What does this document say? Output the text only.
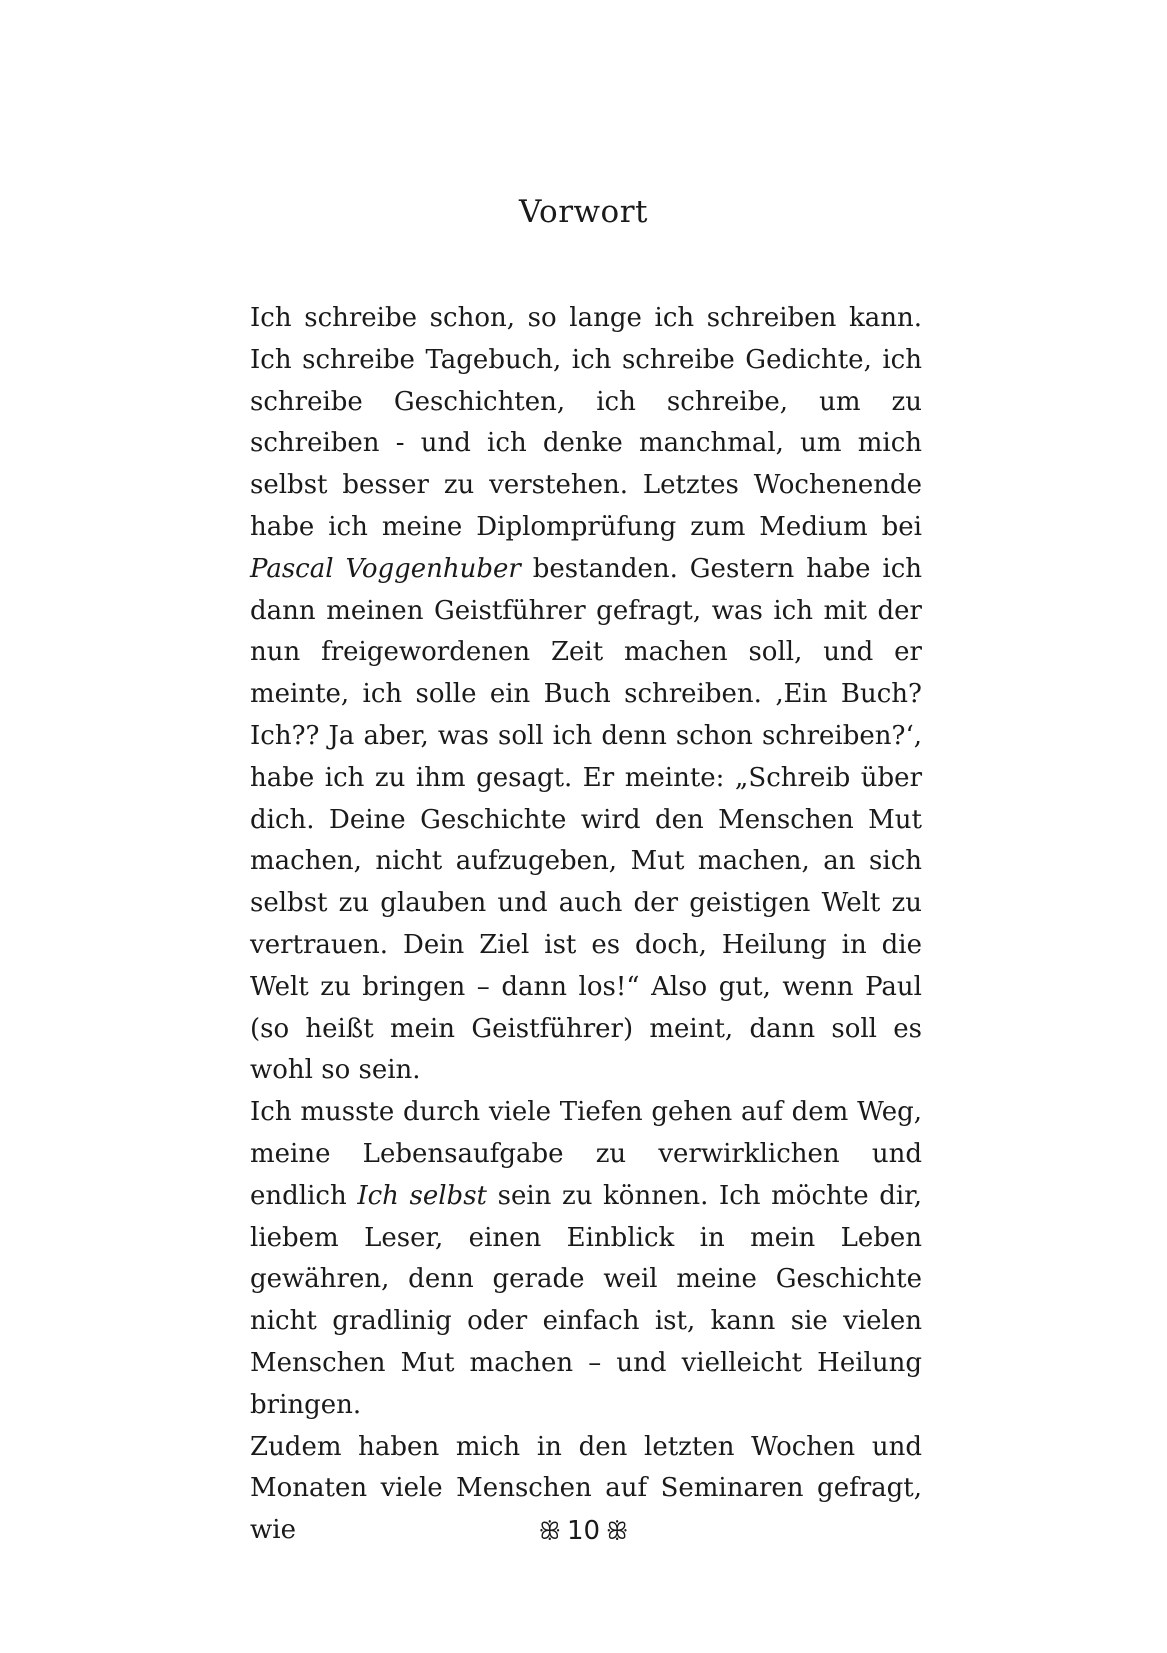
Vorwort

Ich schreibe schon, so lange ich schreiben kann. Ich schreibe Tagebuch, ich schreibe Gedichte, ich schreibe Geschichten, ich schreibe, um zu schreiben - und ich denke manchmal, um mich selbst besser zu verstehen. Letztes Wochenende habe ich meine Diplomprüfung zum Medium bei Pascal Voggenhuber bestanden. Gestern habe ich dann meinen Geistführer gefragt, was ich mit der nun freigewordenen Zeit machen soll, und er meinte, ich solle ein Buch schreiben. ‚Ein Buch? Ich?? Ja aber, was soll ich denn schon schreiben?‘, habe ich zu ihm gesagt. Er meinte: „Schreib über dich. Deine Geschichte wird den Menschen Mut machen, nicht aufzugeben, Mut machen, an sich selbst zu glauben und auch der geistigen Welt zu vertrauen. Dein Ziel ist es doch, Heilung in die Welt zu bringen – dann los!“ Also gut, wenn Paul (so heißt mein Geistführer) meint, dann soll es wohl so sein.

Ich musste durch viele Tiefen gehen auf dem Weg, meine Lebensaufgabe zu verwirklichen und endlich Ich selbst sein zu können. Ich möchte dir, liebem Leser, einen Einblick in mein Leben gewähren, denn gerade weil meine Geschichte nicht gradlinig oder einfach ist, kann sie vielen Menschen Mut machen – und vielleicht Heilung bringen.

Zudem haben mich in den letzten Wochen und Monaten viele Menschen auf Seminaren gefragt, wie	ꕥ 10 ꕥ
